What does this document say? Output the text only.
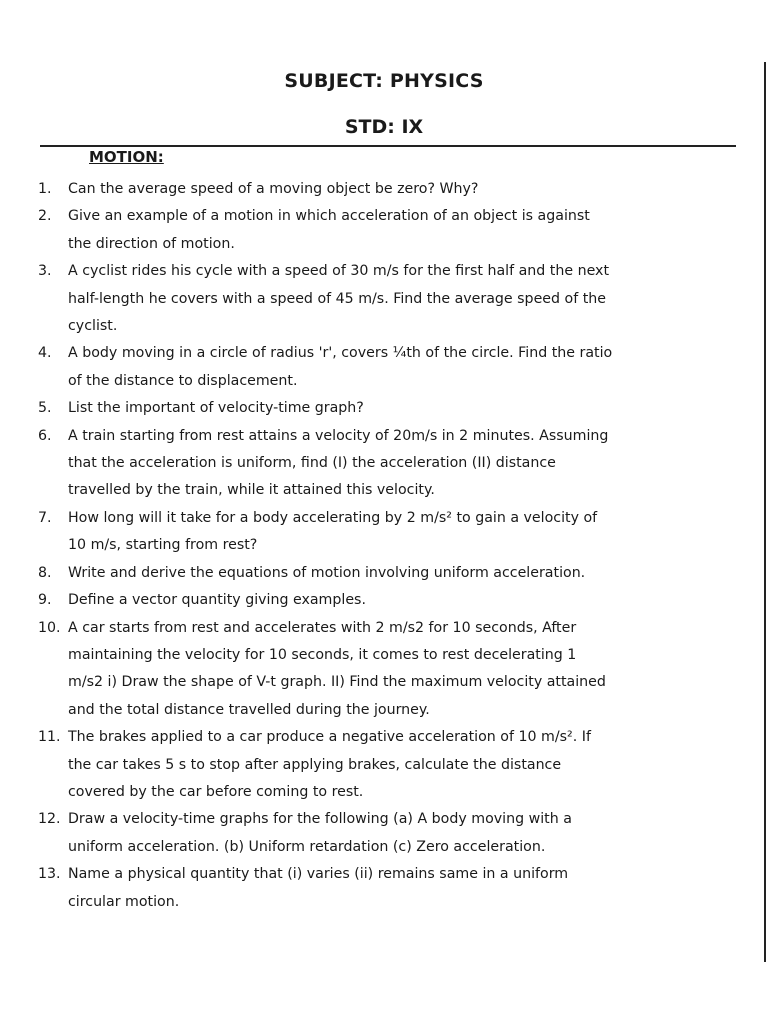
SUBJECT: PHYSICS
STD: IX
MOTION:
1.	Can the average speed of a moving object be zero? Why?
2.	Give an example of a motion in which acceleration of an object is against
the direction of motion.
3.	A cyclist rides his cycle with a speed of 30 m/s for the first half and the next
half-length he covers with a speed of 45 m/s. Find the average speed of the
cyclist.
4.	A body moving in a circle of radius 'r', covers ¼th of the circle. Find the ratio
of the distance to displacement.
5.	List the important of velocity-time graph?
6.	A train starting from rest attains a velocity of 20m/s in 2 minutes. Assuming
that the acceleration is uniform, find (I) the acceleration (II) distance
travelled by the train, while it attained this velocity.
7.	How long will it take for a body accelerating by 2 m/s² to gain a velocity of
10 m/s, starting from rest?
8.	Write and derive the equations of motion involving uniform acceleration.
9.	Define a vector quantity giving examples.
10. A car starts from rest and accelerates with 2 m/s2 for 10 seconds, After
maintaining the velocity for 10 seconds, it comes to rest decelerating 1
m/s2 i) Draw the shape of V-t graph. II) Find the maximum velocity attained
and the total distance travelled during the journey.
11. The brakes applied to a car produce a negative acceleration of 10 m/s². If
the car takes 5 s to stop after applying brakes, calculate the distance
covered by the car before coming to rest.
12. Draw a velocity-time graphs for the following (a) A body moving with a
uniform acceleration. (b) Uniform retardation (c) Zero acceleration.
13. Name a physical quantity that (i) varies (ii) remains same in a uniform
circular motion.
